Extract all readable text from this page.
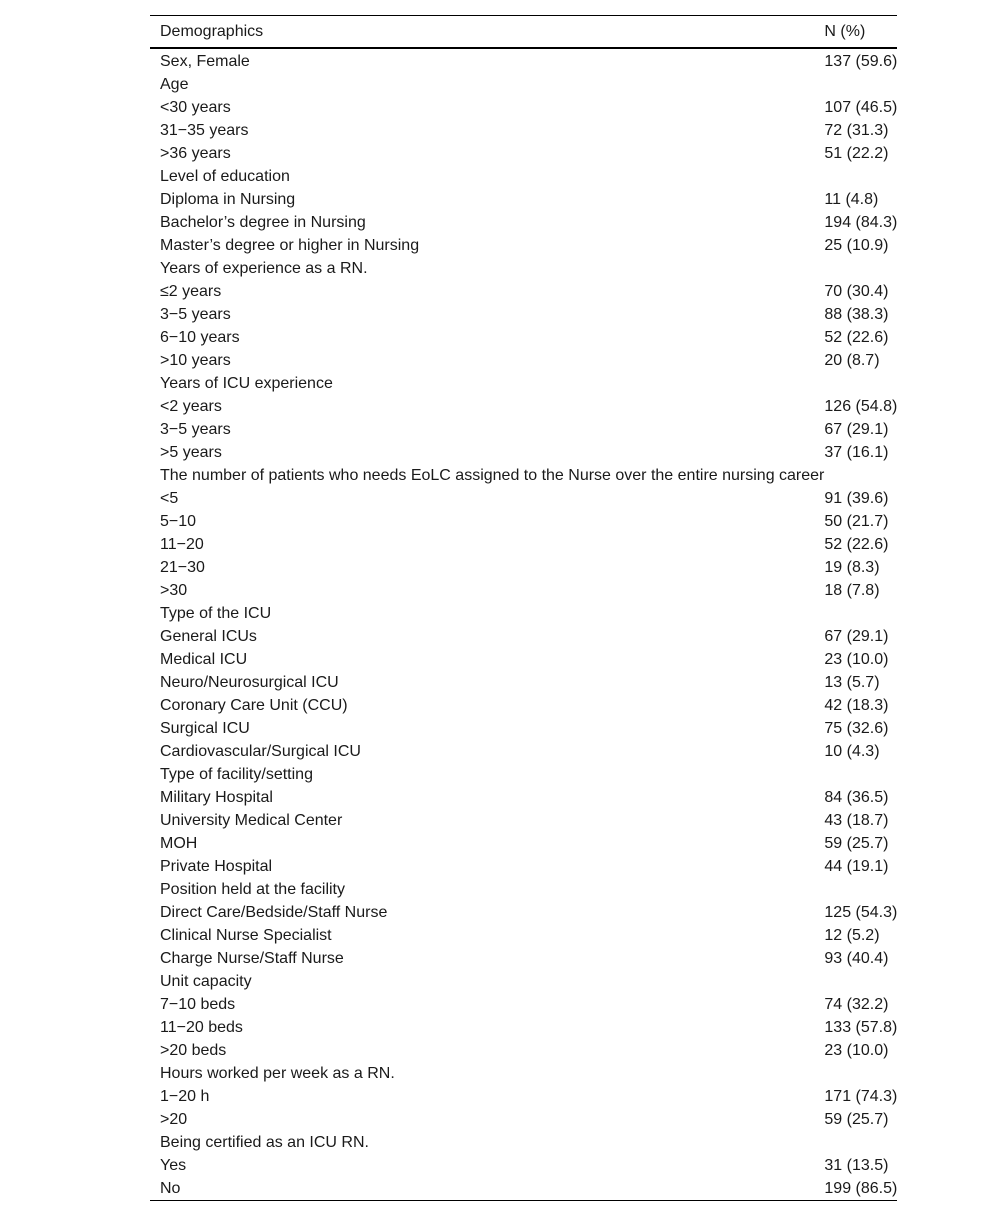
Demographics	N (%)
Sex, Female	137 (59.6)
Age	
<30 years	107 (46.5)
31−35 years	72 (31.3)
>36 years	51 (22.2)
Level of education	
Diploma in Nursing	11 (4.8)
Bachelor’s degree in Nursing	194 (84.3)
Master’s degree or higher in Nursing	25 (10.9)
Years of experience as a RN.	
≤2 years	70 (30.4)
3−5 years	88 (38.3)
6−10 years	52 (22.6)
>10 years	20 (8.7)
Years of ICU experience	
<2 years	126 (54.8)
3−5 years	67 (29.1)
>5 years	37 (16.1)
The number of patients who needs EoLC assigned to the Nurse over the entire nursing career	
<5	91 (39.6)
5−10	50 (21.7)
11−20	52 (22.6)
21−30	19 (8.3)
>30	18 (7.8)
Type of the ICU	
General ICUs	67 (29.1)
Medical ICU	23 (10.0)
Neuro/Neurosurgical ICU	13 (5.7)
Coronary Care Unit (CCU)	42 (18.3)
Surgical ICU	75 (32.6)
Cardiovascular/Surgical ICU	10 (4.3)
Type of facility/setting	
Military Hospital	84 (36.5)
University Medical Center	43 (18.7)
MOH	59 (25.7)
Private Hospital	44 (19.1)
Position held at the facility	
Direct Care/Bedside/Staff Nurse	125 (54.3)
Clinical Nurse Specialist	12 (5.2)
Charge Nurse/Staff Nurse	93 (40.4)
Unit capacity	
7−10 beds	74 (32.2)
11−20 beds	133 (57.8)
>20 beds	23 (10.0)
Hours worked per week as a RN.	
1−20 h	171 (74.3)
>20	59 (25.7)
Being certified as an ICU RN.	
Yes	31 (13.5)
No	199 (86.5)
